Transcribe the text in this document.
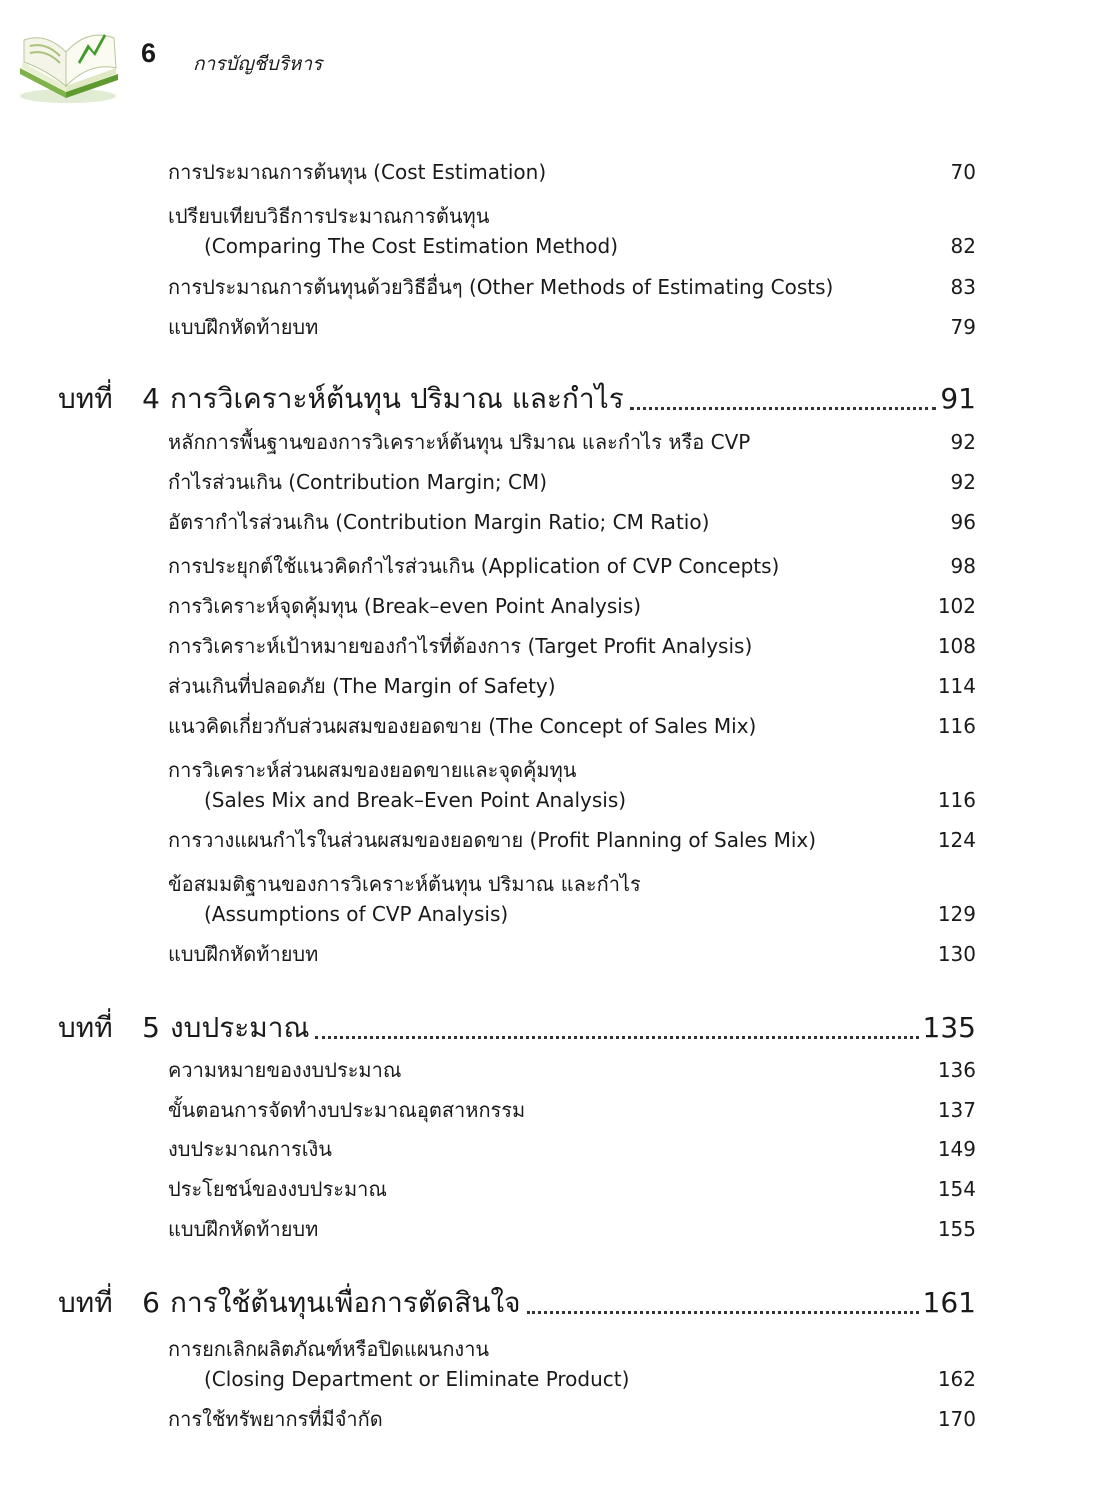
6 การบัญชีบริหาร
การประมาณการต้นทุน (Cost Estimation)	70
เปรียบเทียบวิธีการประมาณการต้นทุน
(Comparing The Cost Estimation Method)	82
การประมาณการต้นทุนด้วยวิธีอื่นๆ (Other Methods of Estimating Costs)	83
แบบฝึกหัดท้ายบท	79
บทที่	4 การวิเคราะห์ต้นทุน ปริมาณ และกำไร	91
หลักการพื้นฐานของการวิเคราะห์ต้นทุน ปริมาณ และกำไร หรือ CVP	92
กำไรส่วนเกิน (Contribution Margin; CM)	92
อัตรากำไรส่วนเกิน (Contribution Margin Ratio; CM Ratio)	96
การประยุกต์ใช้แนวคิดกำไรส่วนเกิน (Application of CVP Concepts)	98
การวิเคราะห์จุดคุ้มทุน (Break–even Point Analysis)	102
การวิเคราะห์เป้าหมายของกำไรที่ต้องการ (Target Profit Analysis)	108
ส่วนเกินที่ปลอดภัย (The Margin of Safety)	114
แนวคิดเกี่ยวกับส่วนผสมของยอดขาย (The Concept of Sales Mix)	116
การวิเคราะห์ส่วนผสมของยอดขายและจุดคุ้มทุน
(Sales Mix and Break–Even Point Analysis)	116
การวางแผนกำไรในส่วนผสมของยอดขาย (Profit Planning of Sales Mix)	124
ข้อสมมติฐานของการวิเคราะห์ต้นทุน ปริมาณ และกำไร
(Assumptions of CVP Analysis)	129
แบบฝึกหัดท้ายบท	130
บทที่	5 งบประมาณ	135
ความหมายของงบประมาณ	136
ขั้นตอนการจัดทำงบประมาณอุตสาหกรรม	137
งบประมาณการเงิน	149
ประโยชน์ของงบประมาณ	154
แบบฝึกหัดท้ายบท	155
บทที่	6 การใช้ต้นทุนเพื่อการตัดสินใจ	161
การยกเลิกผลิตภัณฑ์หรือปิดแผนกงาน
(Closing Department or Eliminate Product)	162
การใช้ทรัพยากรที่มีจำกัด	170
